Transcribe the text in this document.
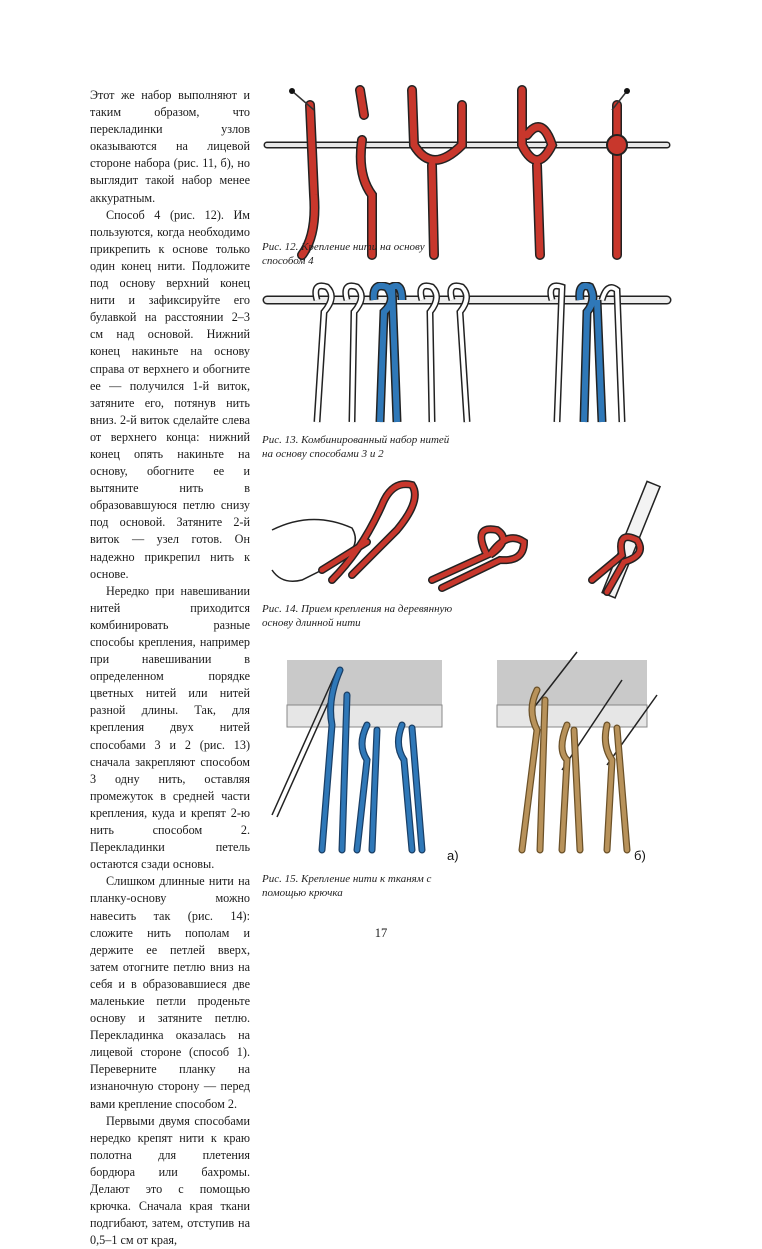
Этот же набор выполняют и таким образом, что перекладинки узлов оказываются на лицевой стороне набора (рис. 11, б), но выглядит такой набор менее аккуратным.

Способ 4 (рис. 12). Им пользуются, когда необходимо прикрепить к основе только один конец нити. Подложите под основу верхний конец нити и зафиксируйте его булавкой на расстоянии 2–3 см над основой. Нижний конец накиньте на основу справа от верхнего и обогните ее — получился 1-й виток, затяните его, потянув нить вниз. 2-й виток сделайте слева от верхнего конца: нижний конец опять накиньте на основу, обогните ее и вытяните нить в образовавшуюся петлю снизу под основой. Затяните 2-й виток — узел готов. Он надежно прикрепил нить к основе.

Нередко при навешивании нитей приходится комбинировать разные способы крепления, например при навешивании в определенном порядке цветных нитей или нитей разной длины. Так, для крепления двух нитей способами 3 и 2 (рис. 13) сначала закрепляют способом 3 одну нить, оставляя промежуток в средней части крепления, куда и крепят 2-ю нить способом 2. Перекладинки петель остаются сзади основы.

Слишком длинные нити на планку-основу можно навесить так (рис. 14): сложите нить пополам и держите ее петлей вверх, затем отогните петлю вниз на себя и в образовавшиеся две маленькие петли проденьте основу и затяните петлю. Перекладинка оказалась на лицевой стороне (способ 1). Переверните планку на изнаночную сторону — перед вами крепление способом 2.

Первыми двумя способами нередко крепят нити к краю полотна для плетения бордюра или бахромы. Делают это с помощью крючка. Сначала края ткани подгибают, затем, отступив на 0,5–1 см от края,

Рис. 12. Крепление нити на основу способом 4

Рис. 13. Комбинированный набор нитей на основу способами 3 и 2

Рис. 14. Прием крепления на деревянную основу длинной нити

а)	б)

Рис. 15. Крепление нити к тканям с помощью крючка

17
